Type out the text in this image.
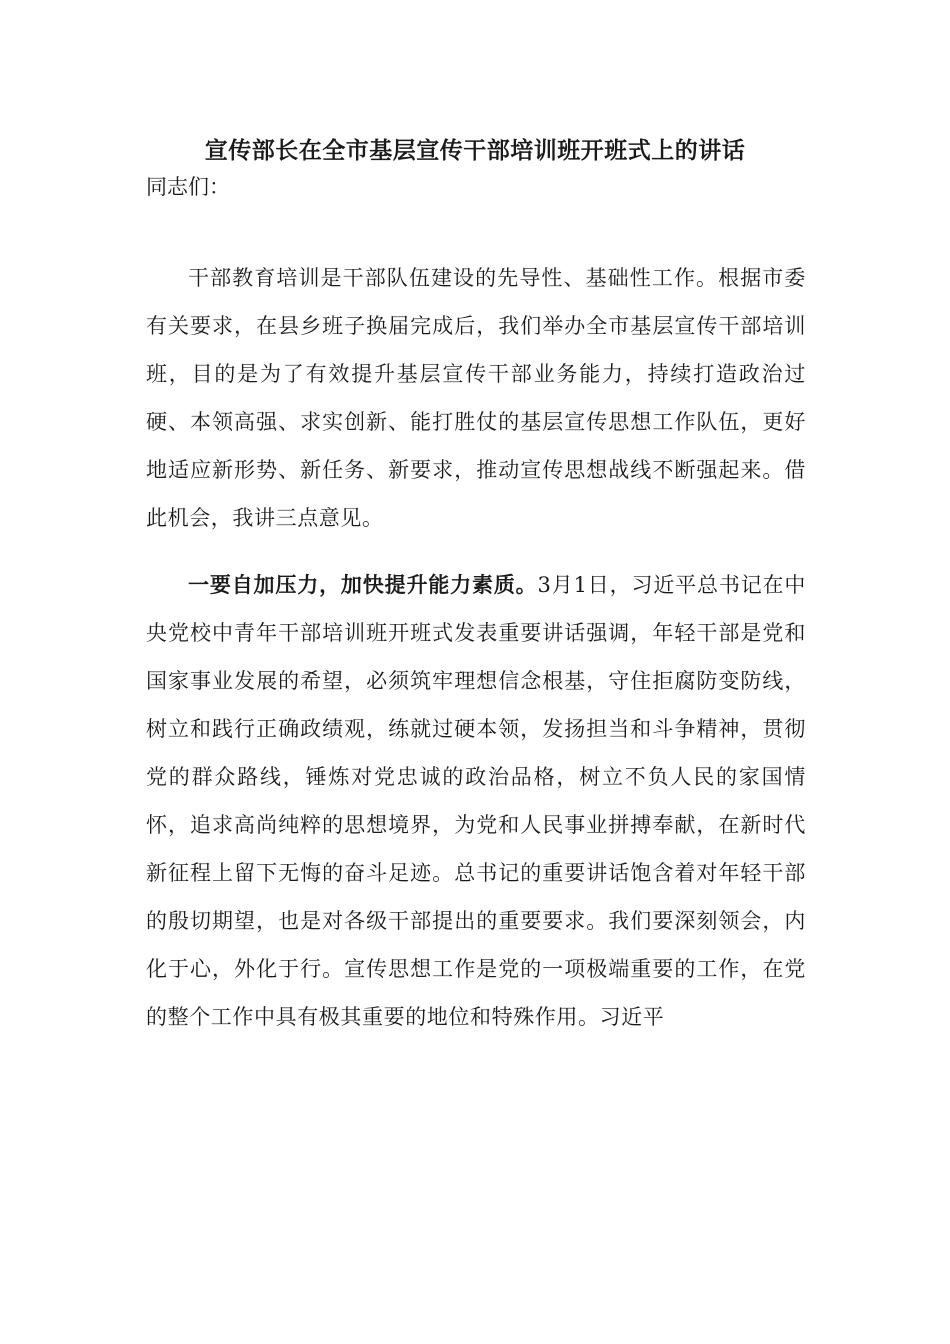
宣传部长在全市基层宣传干部培训班开班式上的讲话

同志们：

干部教育培训是干部队伍建设的先导性、基础性工作。根据市委有关要求，在县乡班子换届完成后，我们举办全市基层宣传干部培训班，目的是为了有效提升基层宣传干部业务能力，持续打造政治过硬、本领高强、求实创新、能打胜仗的基层宣传思想工作队伍，更好地适应新形势、新任务、新要求，推动宣传思想战线不断强起来。借此机会，我讲三点意见。

一要自加压力，加快提升能力素质。3月1日，习近平总书记在中央党校中青年干部培训班开班式发表重要讲话强调，年轻干部是党和国家事业发展的希望，必须筑牢理想信念根基，守住拒腐防变防线，树立和践行正确政绩观，练就过硬本领，发扬担当和斗争精神，贯彻党的群众路线，锤炼对党忠诚的政治品格，树立不负人民的家国情怀，追求高尚纯粹的思想境界，为党和人民事业拼搏奉献，在新时代新征程上留下无悔的奋斗足迹。总书记的重要讲话饱含着对年轻干部的殷切期望，也是对各级干部提出的重要要求。我们要深刻领会，内化于心，外化于行。宣传思想工作是党的一项极端重要的工作，在党的整个工作中具有极其重要的地位和特殊作用。习近平
